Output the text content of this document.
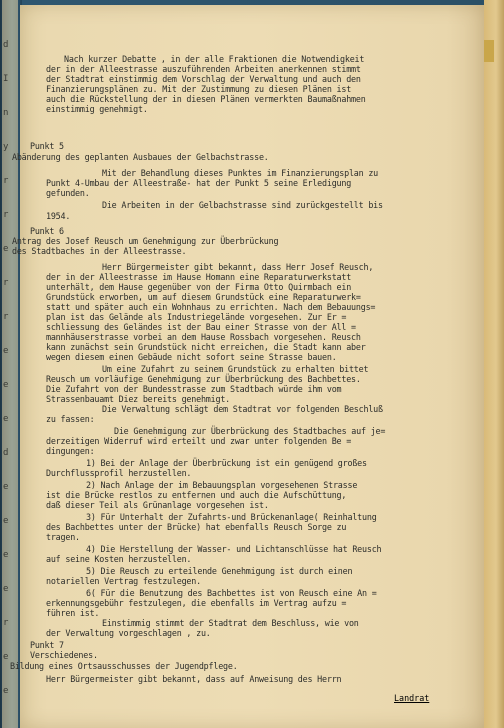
d
I
n
y
r
r
e
r
r
e
e
e
d
e
e
e
e
r
e
e
Nach kurzer Debatte , in der alle Fraktionen die Notwendigkeit
der in der Alleestrasse auszuführenden Arbeiten anerkennen stimmt
der Stadtrat einstimmig dem Vorschlag der Verwaltung und auch den
Finanzierungsplänen zu. Mit der Zustimmung zu diesen Plänen ist
auch die Rückstellung der in diesen Plänen vermerkten Baumaßnahmen
einstimmig genehmigt.
Punkt 5
Abänderung des geplanten Ausbaues der Gelbachstrasse.
Mit der Behandlung dieses Punktes im Finanzierungsplan zu
Punkt 4-Umbau der Alleestraße- hat der Punkt 5 seine Erledigung
gefunden.
Die Arbeiten in der Gelbachstrasse sind zurückgestellt bis
1954.
Punkt 6
Antrag des Josef Reusch um Genehmigung zur Überbrückung
des Stadtbaches in der Alleestrasse.
Herr Bürgermeister gibt bekannt, dass Herr Josef Reusch,
der in der Alleestrasse im Hause Homann eine Reparaturwerkstatt
unterhält, dem Hause gegenüber von der Firma Otto Quirmbach ein
Grundstück erworben, um auf diesem Grundstück eine Reparaturwerk=
statt und später auch ein Wohnhaus zu errichten. Nach dem Bebauungs=
plan ist das Gelände als Industriegelände vorgesehen. Zur Er =
schliessung des Geländes ist der Bau einer Strasse von der All =
mannhäuserstrasse vorbei an dem Hause Rossbach vorgesehen. Reusch
kann zunächst sein Grundstück nicht erreichen, die Stadt kann aber
wegen diesem einen Gebäude nicht sofort seine Strasse bauen.
Um eine Zufahrt zu seinem Grundstück zu erhalten bittet
Reusch um vorläufige Genehmigung zur Überbrückung des Bachbettes.
Die Zufahrt von der Bundesstrasse zum Stadtbach würde ihm vom
Strassenbauamt Diez bereits genehmigt.
Die Verwaltung schlägt dem Stadtrat vor folgenden Beschluß
zu fassen:
Die Genehmigung zur Überbrückung des Stadtbaches auf je=
derzeitigen Widerruf wird erteilt und zwar unter folgenden Be =
dingungen:
1) Bei der Anlage der Überbrückung ist ein genügend großes
Durchflussprofil herzustellen.
2) Nach Anlage der im Bebauungsplan vorgesehenen Strasse
ist die Brücke restlos zu entfernen und auch die Aufschüttung,
daß dieser Teil als Grünanlage vorgesehen ist.
3) Für Unterhalt der Zufahrts-und Brückenanlage( Reinhaltung
des Bachbettes unter der Brücke) hat ebenfalls Reusch Sorge zu
tragen.
4) Die Herstellung der Wasser- und Lichtanschlüsse hat Reusch
auf seine Kosten herzustellen.
5) Die Reusch zu erteilende Genehmigung ist durch einen
notariellen Vertrag festzulegen.
6( Für die Benutzung des Bachbettes ist von Reusch eine An =
erkennungsgebühr festzulegen, die ebenfalls im Vertrag aufzu =
führen ist.
Einstimmig stimmt der Stadtrat dem Beschluss, wie von
der Verwaltung vorgeschlagen , zu.
Punkt 7
Verschiedenes.
Bildung eines Ortsausschusses der Jugendpflege.
Herr Bürgermeister gibt bekannt, dass auf Anweisung des Herrn
Landrat
